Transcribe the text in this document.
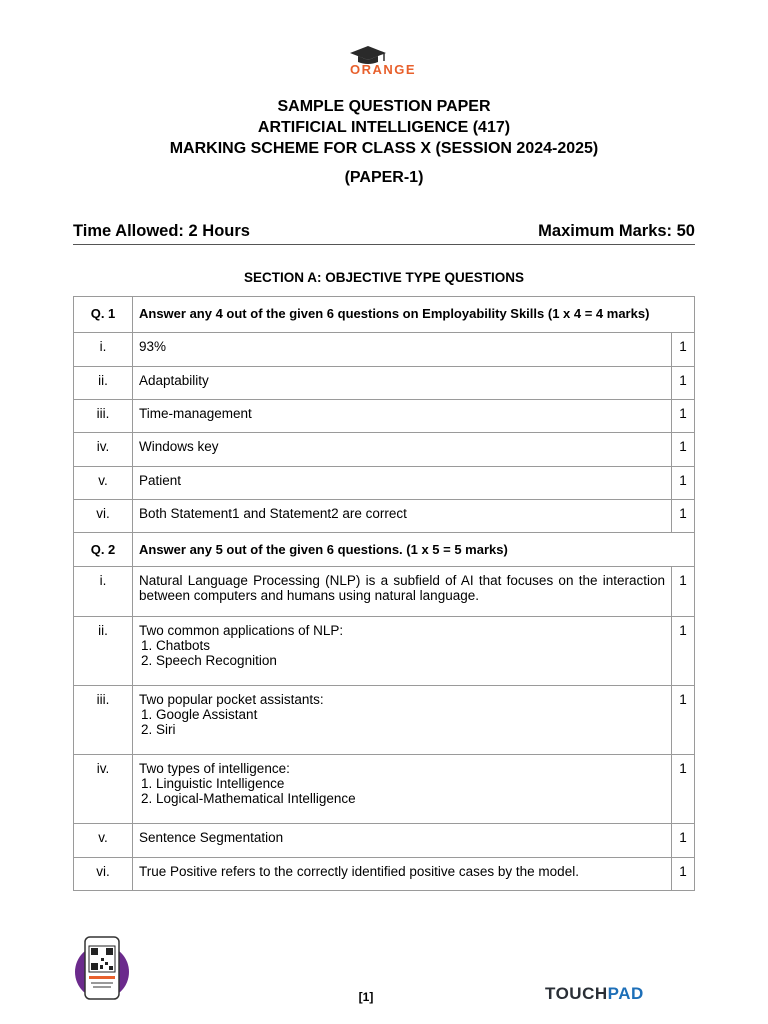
ORANGE
SAMPLE QUESTION PAPER
ARTIFICIAL INTELLIGENCE (417)
MARKING SCHEME FOR CLASS X (SESSION 2024-2025)
(PAPER-1)
Time Allowed: 2 Hours	Maximum Marks: 50
SECTION A: OBJECTIVE TYPE QUESTIONS
Q. 1	Answer any 4 out of the given 6 questions on Employability Skills (1 x 4 = 4 marks)	
i.	93%	1
ii.	Adaptability	1
iii.	Time-management	1
iv.	Windows key	1
v.	Patient	1
vi.	Both Statement1 and Statement2 are correct	1
Q. 2	Answer any 5 out of the given 6 questions. (1 x 5 = 5 marks)	
i.	Natural Language Processing (NLP) is a subfield of AI that focuses on the interaction between computers and humans using natural language.	1
ii.	Two common applications of NLP:
1. Chatbots
2. Speech Recognition	1
iii.	Two popular pocket assistants:
1. Google Assistant
2. Siri	1
iv.	Two types of intelligence:
1. Linguistic Intelligence
2. Logical-Mathematical Intelligence	1
v.	Sentence Segmentation	1
vi.	True Positive refers to the correctly identified positive cases by the model.	1
[1]	TOUCHPAD
